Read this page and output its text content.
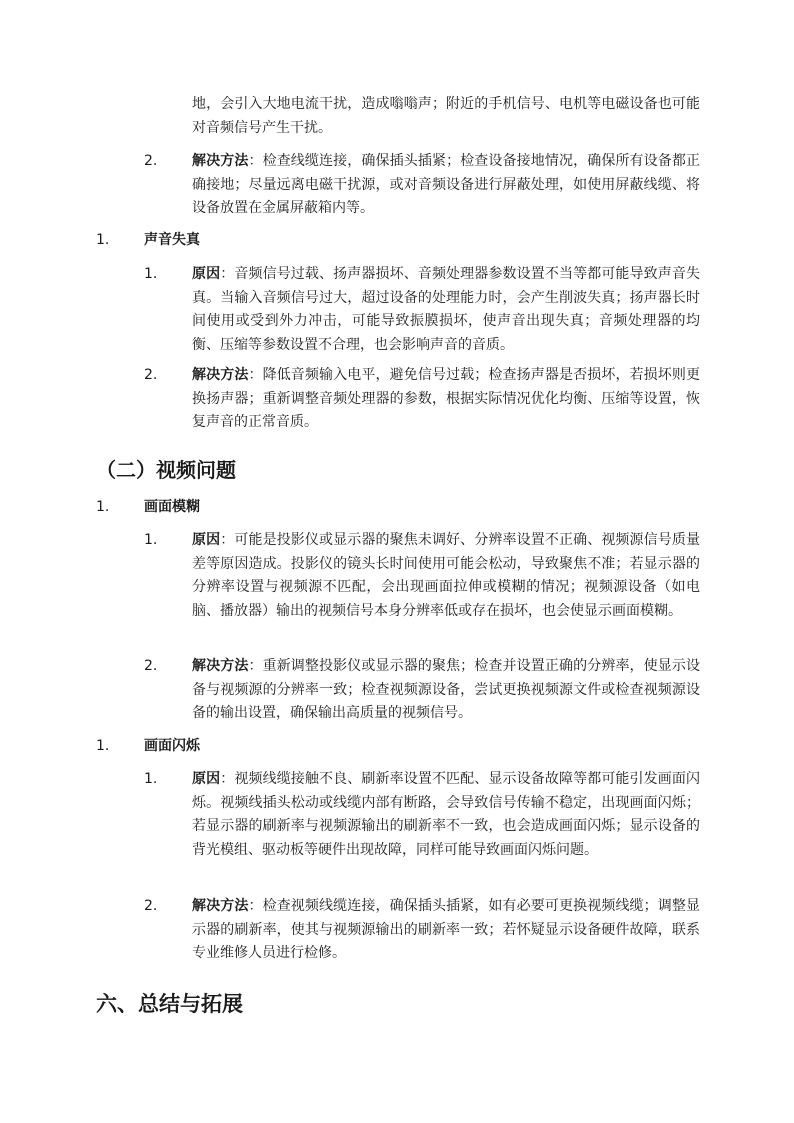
地，会引入大地电流干扰，造成嗡嗡声；附近的手机信号、电机等电磁设备也可能对音频信号产生干扰。

2. 解决方法：检查线缆连接，确保插头插紧；检查设备接地情况，确保所有设备都正确接地；尽量远离电磁干扰源，或对音频设备进行屏蔽处理，如使用屏蔽线缆、将设备放置在金属屏蔽箱内等。

1. 声音失真
1. 原因：音频信号过载、扬声器损坏、音频处理器参数设置不当等都可能导致声音失真。当输入音频信号过大，超过设备的处理能力时，会产生削波失真；扬声器长时间使用或受到外力冲击，可能导致振膜损坏，使声音出现失真；音频处理器的均衡、压缩等参数设置不合理，也会影响声音的音质。

2. 解决方法：降低音频输入电平，避免信号过载；检查扬声器是否损坏，若损坏则更换扬声器；重新调整音频处理器的参数，根据实际情况优化均衡、压缩等设置，恢复声音的正常音质。

（二）视频问题
1. 画面模糊
1. 原因：可能是投影仪或显示器的聚焦未调好、分辨率设置不正确、视频源信号质量差等原因造成。投影仪的镜头长时间使用可能会松动，导致聚焦不准；若显示器的分辨率设置与视频源不匹配，会出现画面拉伸或模糊的情况；视频源设备（如电脑、播放器）输出的视频信号本身分辨率低或存在损坏，也会使显示画面模糊。

2. 解决方法：重新调整投影仪或显示器的聚焦；检查并设置正确的分辨率，使显示设备与视频源的分辨率一致；检查视频源设备，尝试更换视频源文件或检查视频源设备的输出设置，确保输出高质量的视频信号。

1. 画面闪烁
1. 原因：视频线缆接触不良、刷新率设置不匹配、显示设备故障等都可能引发画面闪烁。视频线插头松动或线缆内部有断路，会导致信号传输不稳定，出现画面闪烁；若显示器的刷新率与视频源输出的刷新率不一致，也会造成画面闪烁；显示设备的背光模组、驱动板等硬件出现故障，同样可能导致画面闪烁问题。

2. 解决方法：检查视频线缆连接，确保插头插紧，如有必要可更换视频线缆；调整显示器的刷新率，使其与视频源输出的刷新率一致；若怀疑显示设备硬件故障，联系专业维修人员进行检修。

六、总结与拓展
